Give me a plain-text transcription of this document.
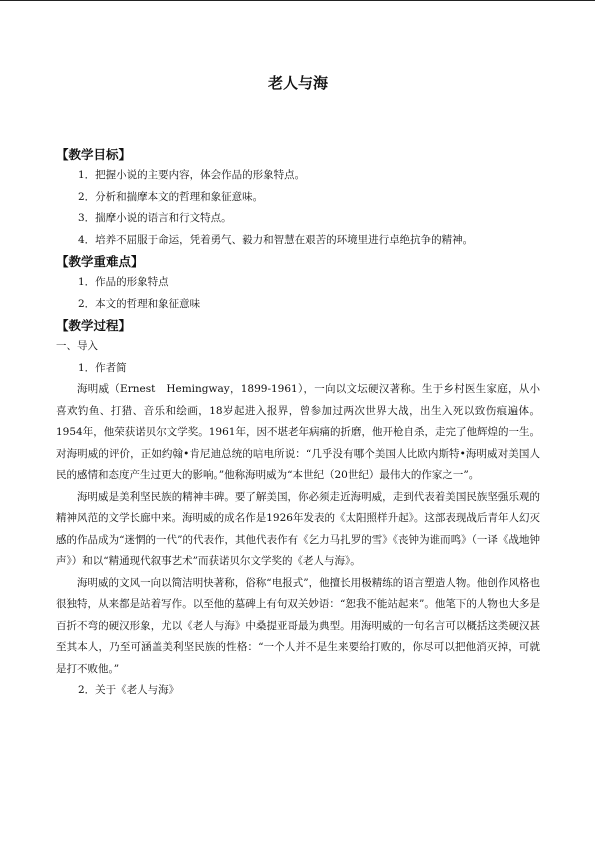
老人与海

【教学目标】

1．把握小说的主要内容，体会作品的形象特点。

2．分析和揣摩本文的哲理和象征意味。

3．揣摩小说的语言和行文特点。

4．培养不屈服于命运，凭着勇气、毅力和智慧在艰苦的环境里进行卓绝抗争的精神。

【教学重难点】

1．作品的形象特点

2．本文的哲理和象征意味

【教学过程】

一、导入

1．作者简

海明威（Ernest　Hemingway，1899-1961），一向以文坛硬汉著称。生于乡村医生家庭，从小喜欢钓鱼、打猎、音乐和绘画，18岁起进入报界，曾参加过两次世界大战，出生入死以致伤痕遍体。1954年，他荣获诺贝尔文学奖。1961年，因不堪老年病痛的折磨，他开枪自杀，走完了他辉煌的一生。对海明威的评价，正如约翰•肯尼迪总统的唁电所说：“几乎没有哪个美国人比欧内斯特•海明威对美国人民的感情和态度产生过更大的影响。”他称海明威为“本世纪（20世纪）最伟大的作家之一”。

海明威是美利坚民族的精神丰碑。要了解美国，你必须走近海明威，走到代表着美国民族坚强乐观的精神风范的文学长廊中来。海明威的成名作是1926年发表的《太阳照样升起》。这部表现战后青年人幻灭感的作品成为“迷惘的一代”的代表作，其他代表作有《乞力马扎罗的雪》《丧钟为谁而鸣》（一译《战地钟声》）和以“精通现代叙事艺术”而获诺贝尔文学奖的《老人与海》。

海明威的文风一向以简洁明快著称，俗称“电报式”，他擅长用极精练的语言塑造人物。他创作风格也很独特，从来都是站着写作。以至他的墓碑上有句双关妙语：“恕我不能站起来”。他笔下的人物也大多是百折不弯的硬汉形象，尤以《老人与海》中桑提亚哥最为典型。用海明威的一句名言可以概括这类硬汉甚至其本人，乃至可涵盖美利坚民族的性格：“一个人并不是生来要给打败的，你尽可以把他消灭掉，可就是打不败他。”

2．关于《老人与海》
